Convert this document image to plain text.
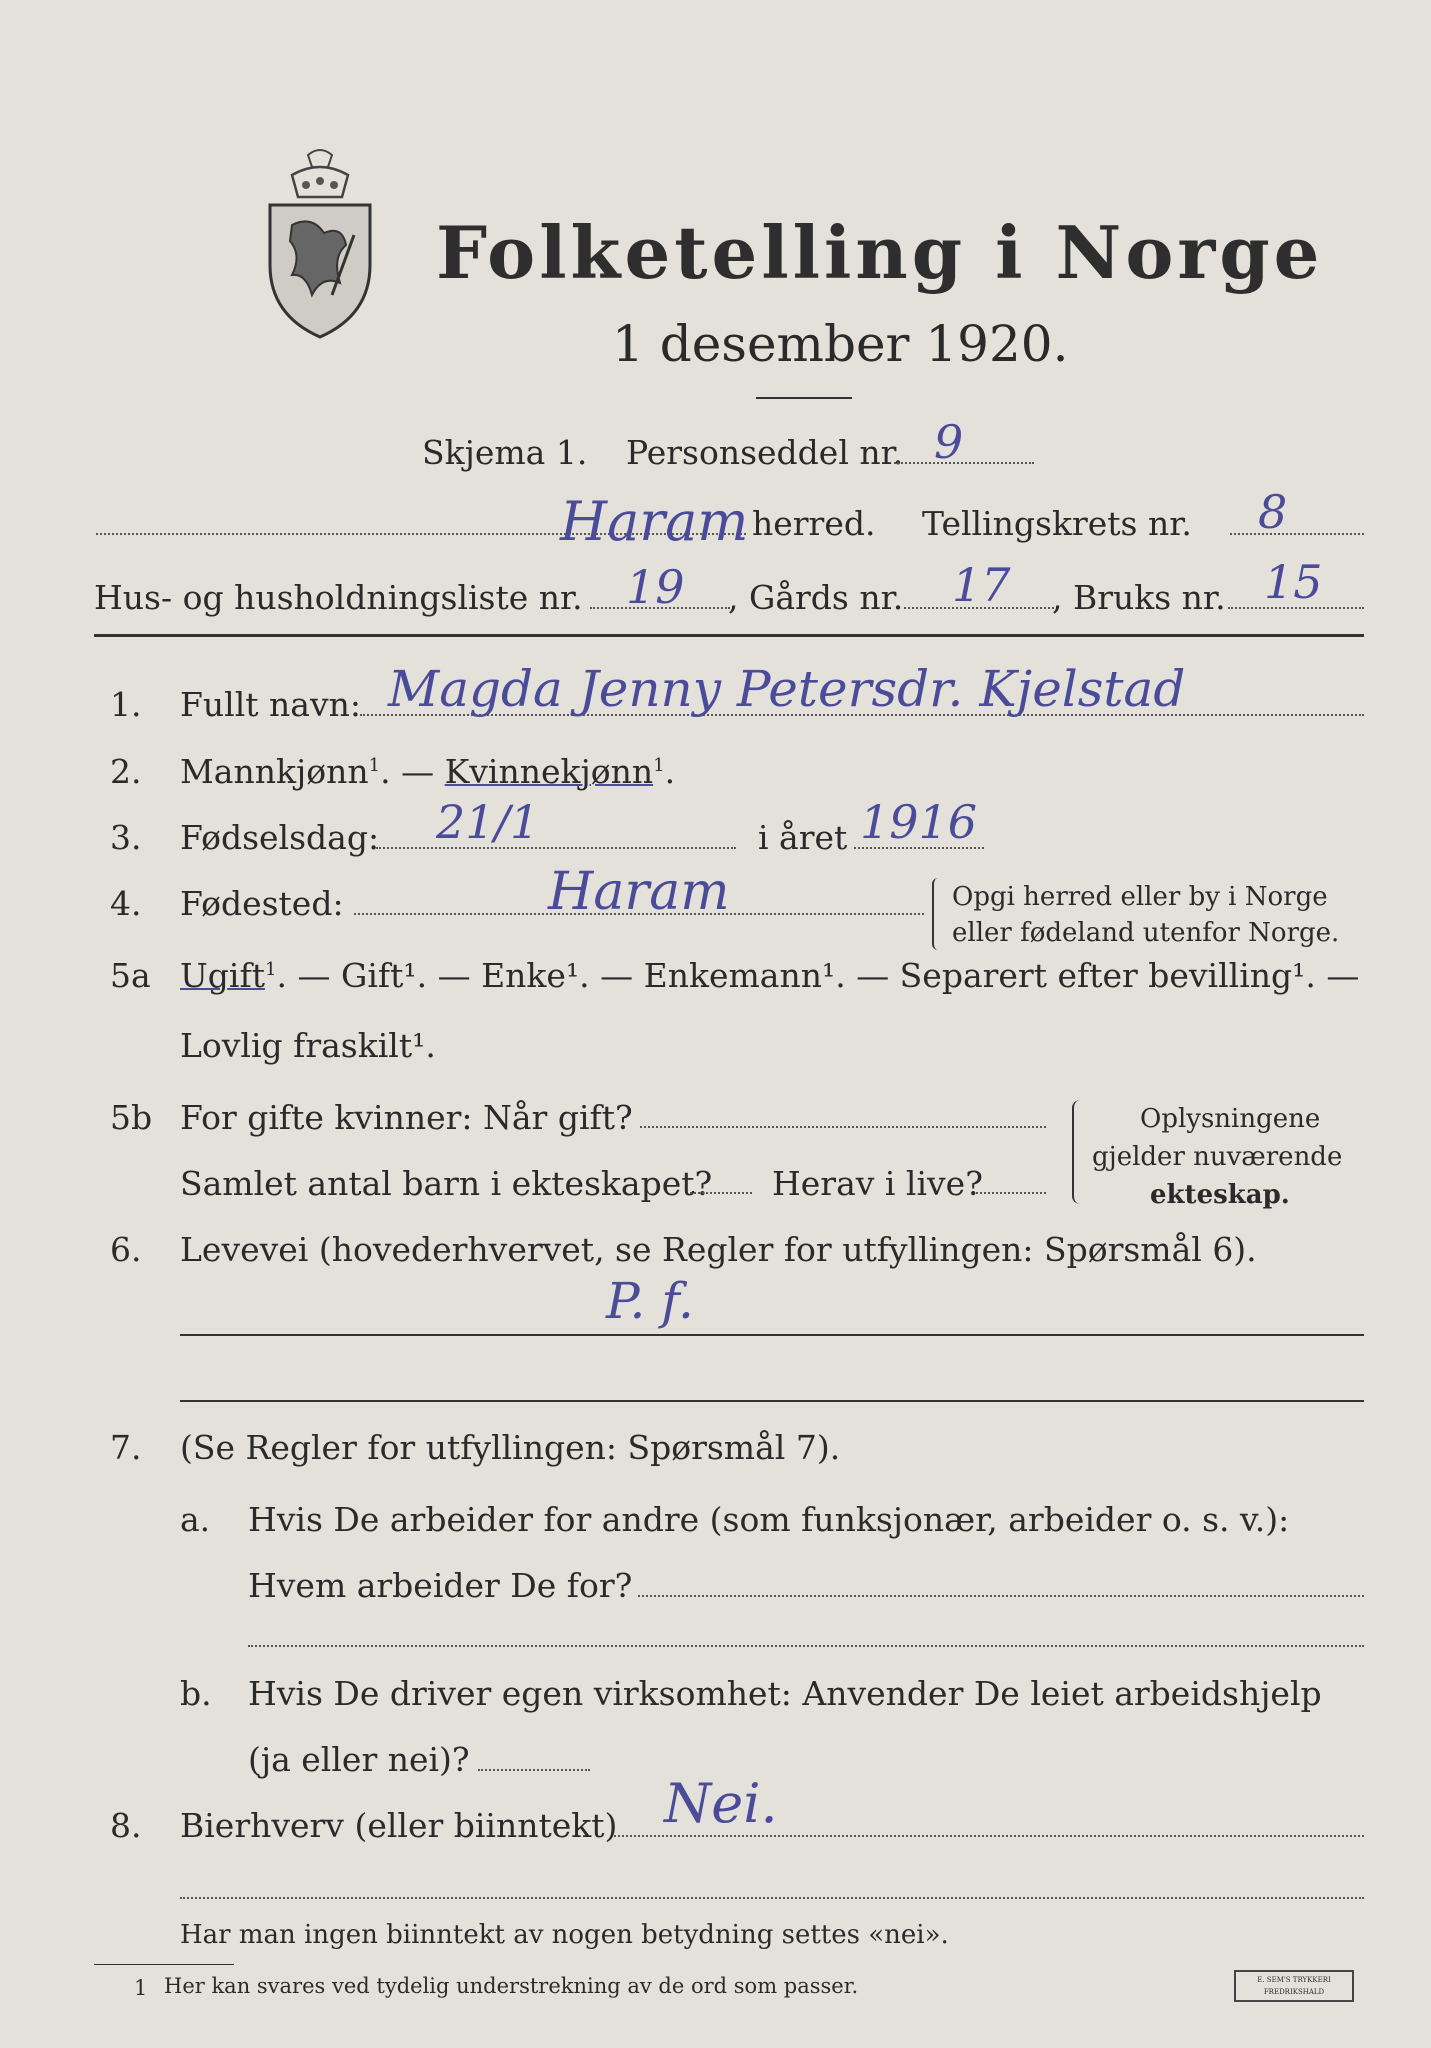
Folketelling i Norge
1 desember 1920.
Skjema 1. Personseddel nr. 9
Haram herred. Tellingskrets nr. 8
Hus- og husholdningsliste nr. 19 , Gårds nr. 17 , Bruks nr. 15
1. Fullt navn: Magda Jenny Petersdr. Kjelstad
2. Mannkjønn$^1$. — Kvinnekjønn$^1$.
3. Fødselsdag: 21/1	i året 1916
4. Fødested:	Haram	Opgi herred eller by i Norge
eller fødeland utenfor Norge.
5a Ugift$^1$. — Gift¹. — Enke¹. — Enkemann¹. — Separert efter bevilling¹. —
Lovlig fraskilt¹.
5b For gifte kvinner: Når gift?
Samlet antal barn i ekteskapet? Herav i live?
Oplysningene
gjelder nuværende
ekteskap.
6. Levevei (hovederhvervet, se Regler for utfyllingen: Spørsmål 6).
P. f.
7. (Se Regler for utfyllingen: Spørsmål 7).
a. Hvis De arbeider for andre (som funksjonær, arbeider o. s. v.):
Hvem arbeider De for?
b. Hvis De driver egen virksomhet: Anvender De leiet arbeidshjelp
(ja eller nei)?
8. Bierhverv (eller biinntekt) Nei.
Har man ingen biinntekt av nogen betydning settes «nei».
1 Her kan svares ved tydelig understrekning av de ord som passer.	E. SEM'S TRYKKERI FREDRIKSHALD
